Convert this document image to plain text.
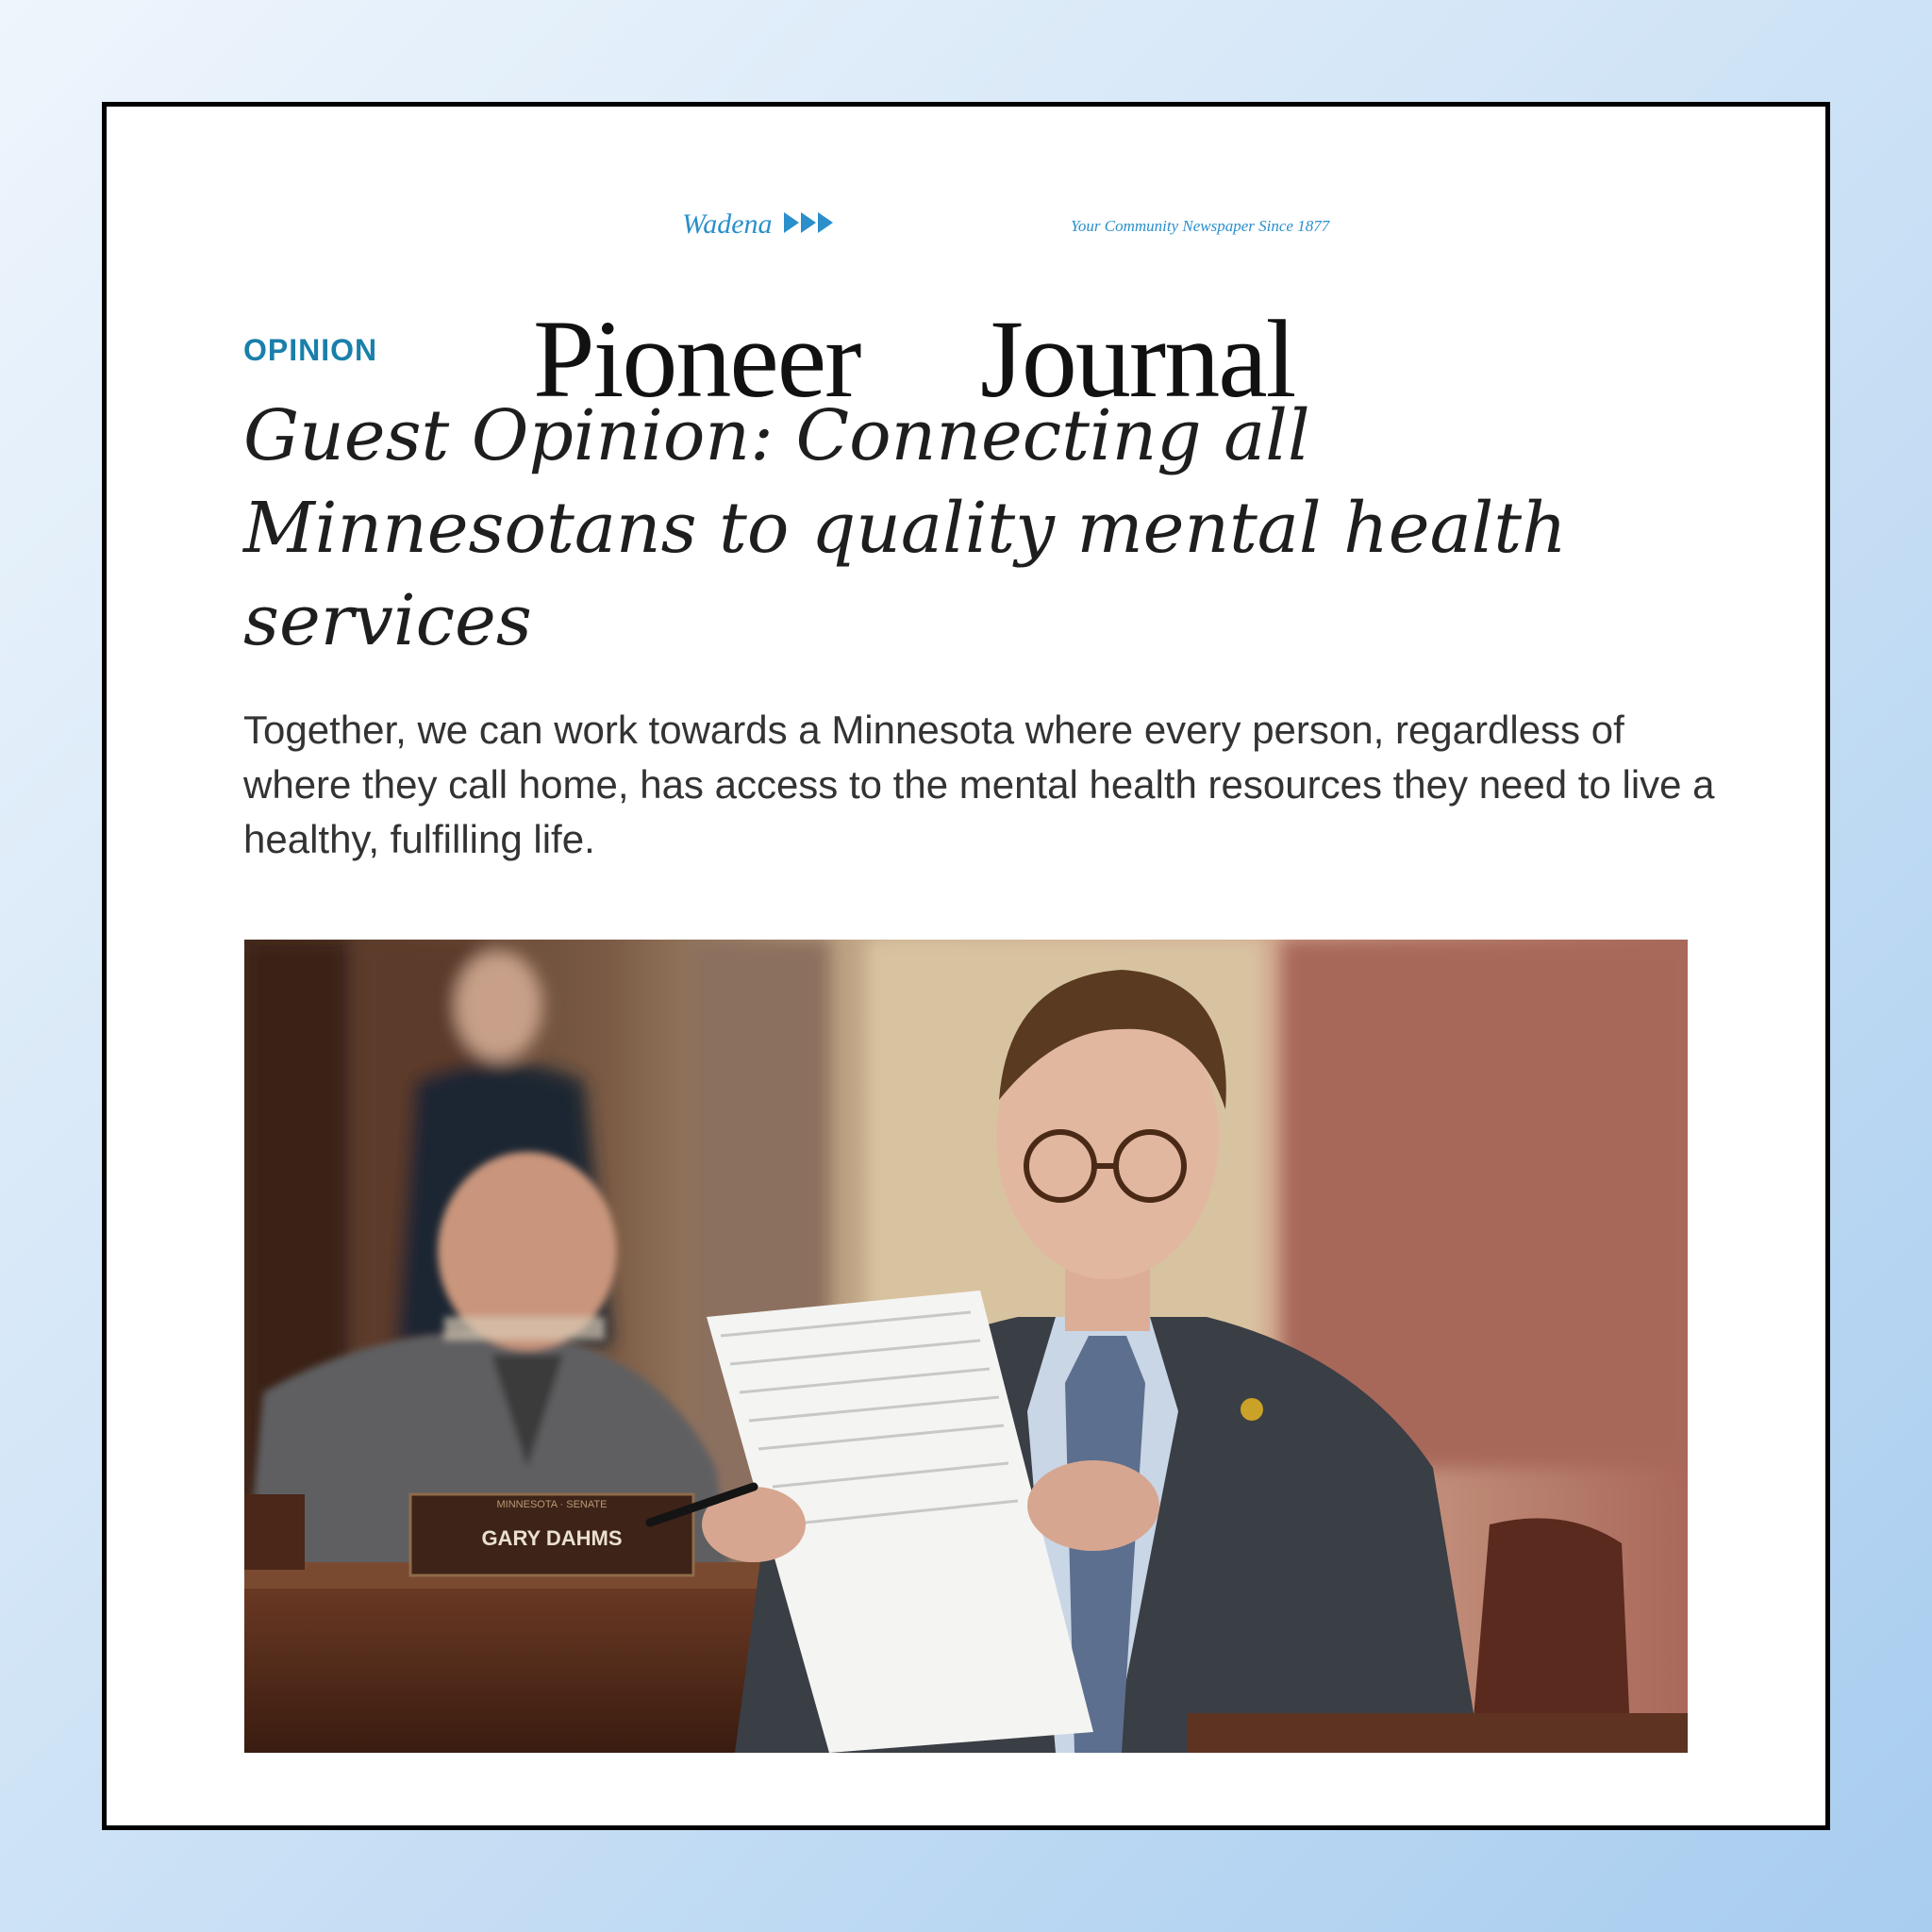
Wadena	Your Community Newspaper Since 1877
Pioneer Journal
OPINION
Guest Opinion: Connecting all Minnesotans to quality mental health services

Together, we can work towards a Minnesota where every person, regardless of where they call home, has access to the mental health resources they need to live a healthy, fulfilling life.

MINNESOTA · SENATE
GARY DAHMS
